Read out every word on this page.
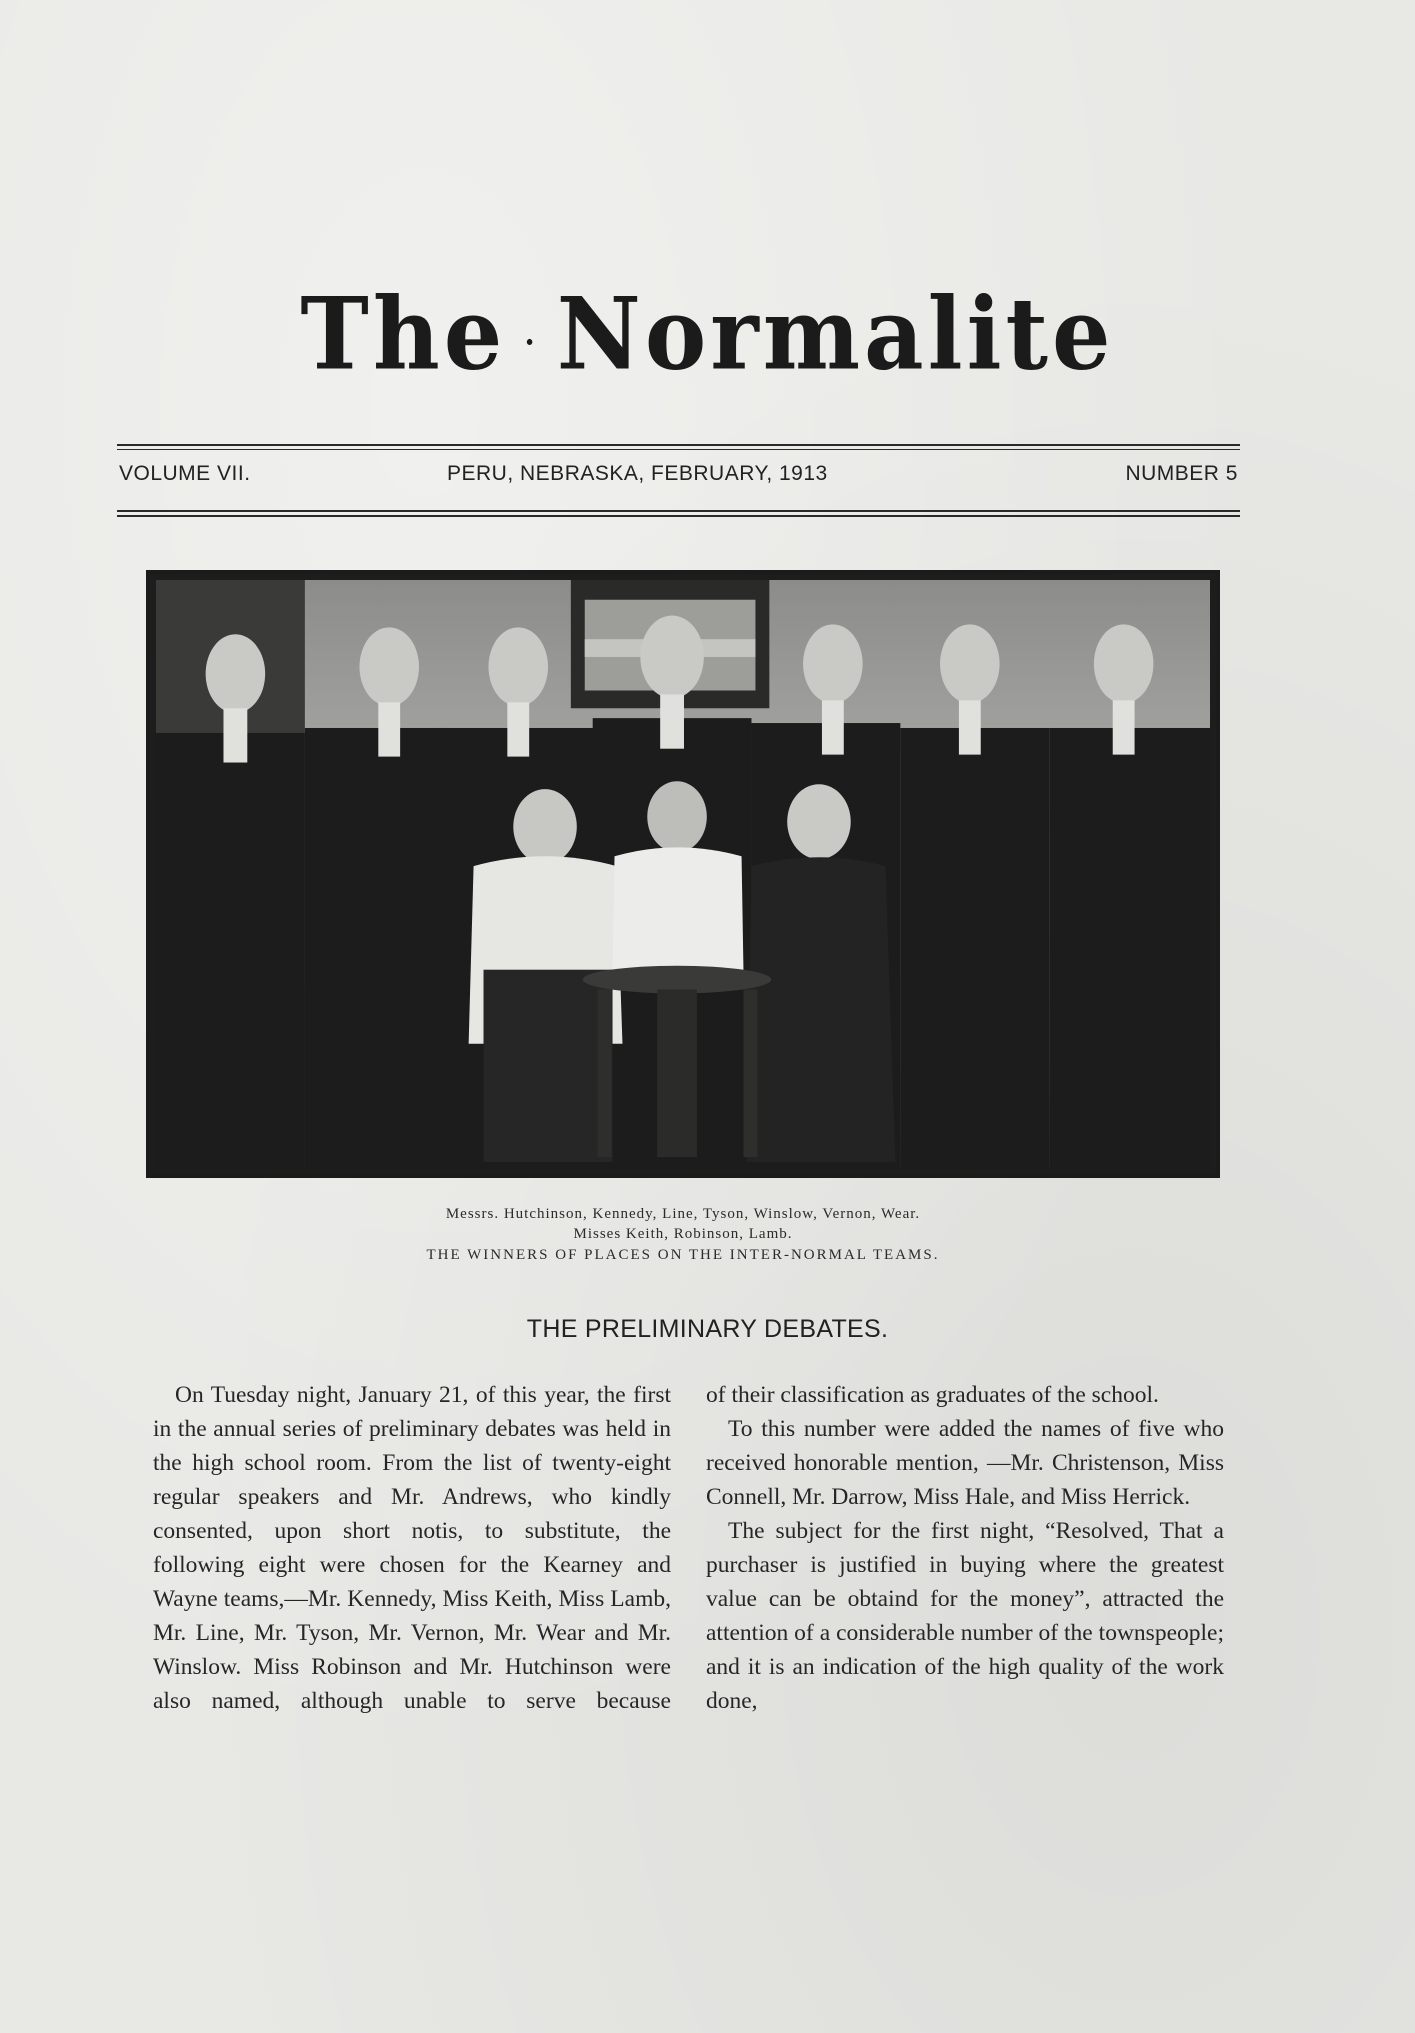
The · Normalite
VOLUME VII.	PERU, NEBRASKA, FEBRUARY, 1913	NUMBER 5
Messrs. Hutchinson, Kennedy, Line, Tyson, Winslow, Vernon, Wear.
Misses Keith, Robinson, Lamb.
THE WINNERS OF PLACES ON THE INTER-NORMAL TEAMS.
THE PRELIMINARY DEBATES.

On Tuesday night, January 21, of this year, the first in the annual series of preliminary debates was held in the high school room. From the list of twenty-eight regular speakers and Mr. Andrews, who kindly consented, upon short notis, to substitute, the following eight were chosen for the Kearney and Wayne teams,—Mr. Kennedy, Miss Keith, Miss Lamb, Mr. Line, Mr. Tyson, Mr. Vernon, Mr. Wear and Mr. Winslow. Miss Robinson and Mr. Hutchinson were also named, although unable to serve because

of their classification as graduates of the school.

To this number were added the names of five who received honorable mention, —Mr. Christenson, Miss Connell, Mr. Darrow, Miss Hale, and Miss Herrick.

The subject for the first night, “Resolved, That a purchaser is justified in buying where the greatest value can be obtaind for the money”, attracted the attention of a considerable number of the townspeople; and it is an indication of the high quality of the work done,
